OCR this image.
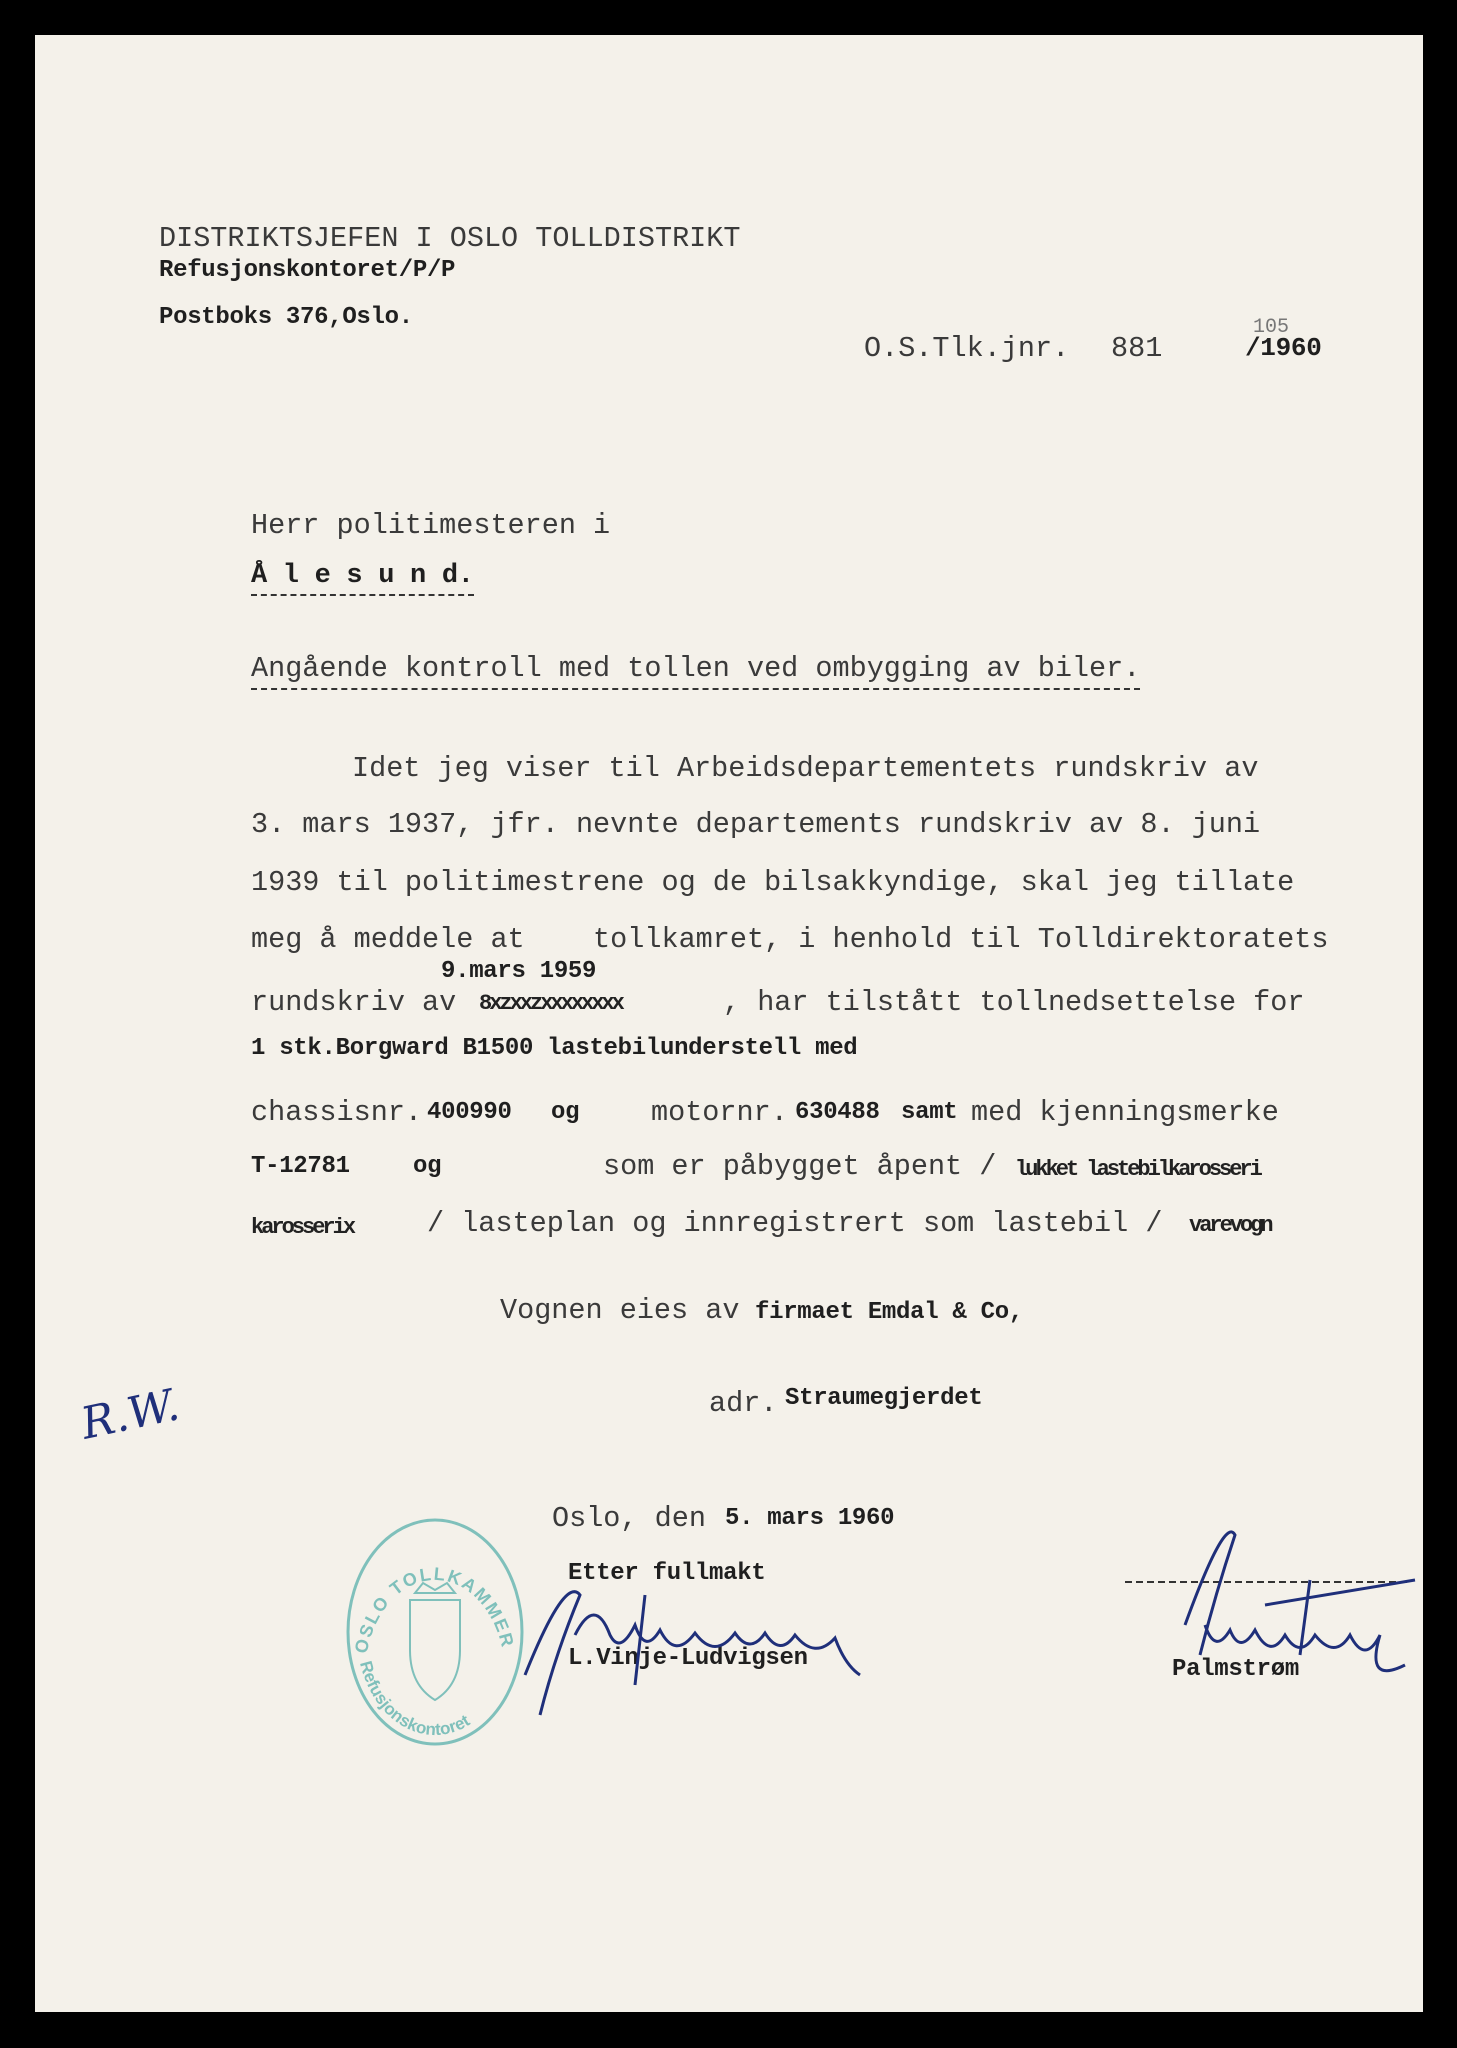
DISTRIKTSJEFEN I OSLO TOLLDISTRIKT
Refusjonskontoret/P/P
Postboks 376,Oslo.
O.S.Tlk.jnr. 881	/1960
105
Herr politimesteren i
Å l e s u n d.
Angående kontroll med tollen ved ombygging av biler.
Idet jeg viser til Arbeidsdepartementets rundskriv av
3. mars 1937, jfr. nevnte departements rundskriv av 8. juni
1939 til politimestrene og de bilsakkyndige, skal jeg tillate
meg å meddele at    tollkamret, i henhold til Tolldirektoratets
9.mars 1959
rundskriv av 8xzxxzxxxxxxxx	, har tilstått tollnedsettelse for
1 stk.Borgward B1500 lastebilunderstell med
chassisnr. 400990 og	motornr. 630488 samt med kjenningsmerke
T-12781	og	som er påbygget åpent / lukket lastebilkarosseri
karosserix	/ lasteplan og innregistrert som lastebil / varevogn
Vognen eies av firmaet Emdal & Co,
adr. Straumegjerdet
Oslo, den 5. mars 1960
Etter fullmakt
L.Vinje-Ludvigsen	Palmstrøm
R.W.
OSLO TOLLKAMMER
Refusjonskontoret
